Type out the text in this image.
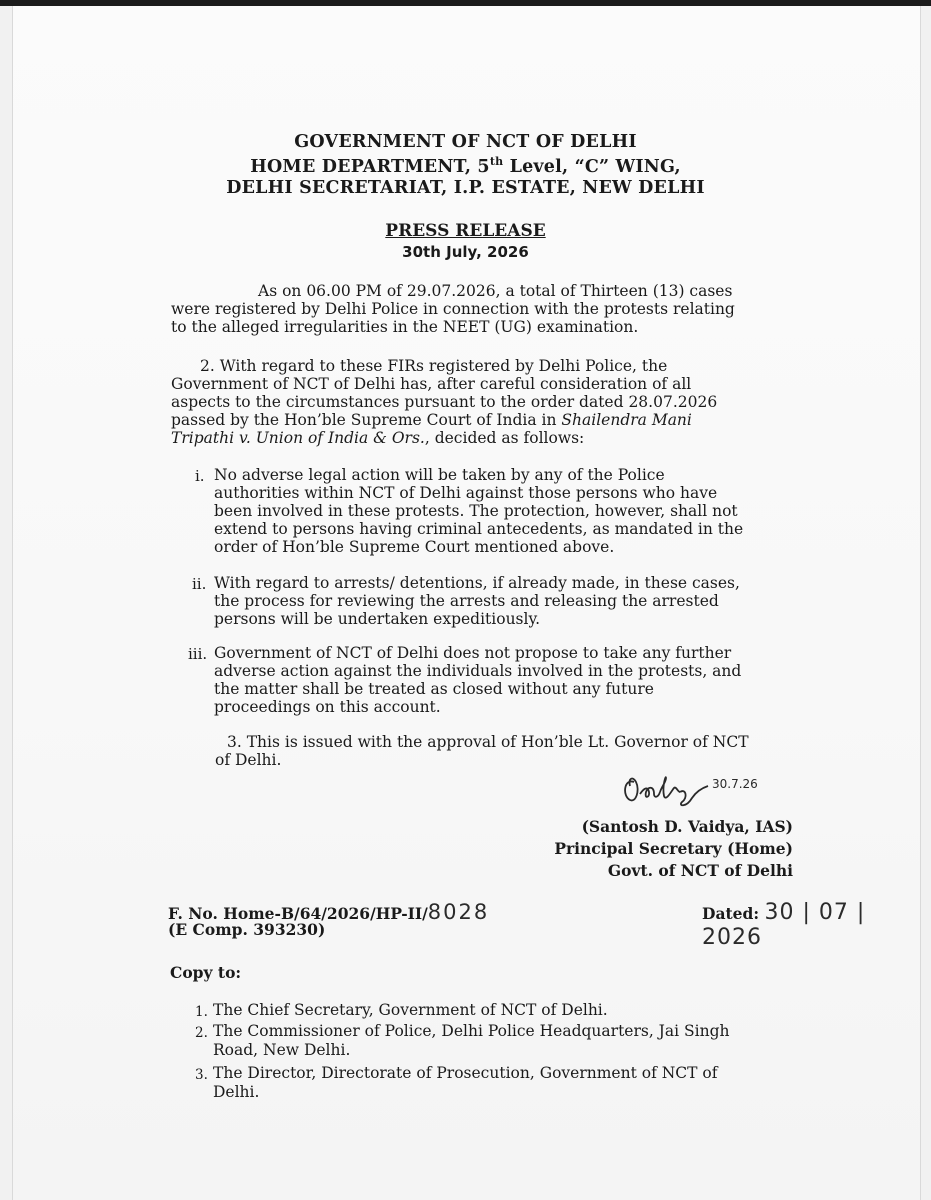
GOVERNMENT OF NCT OF DELHI
HOME DEPARTMENT, 5th Level, “C” WING,
DELHI SECRETARIAT, I.P. ESTATE, NEW DELHI
PRESS RELEASE
30th July, 2026
As on 06.00 PM of 29.07.2026, a total of Thirteen (13) cases
were registered by Delhi Police in connection with the protests relating
to the alleged irregularities in the NEET (UG) examination.
2. With regard to these FIRs registered by Delhi Police, the
Government of NCT of Delhi has, after careful consideration of all
aspects to the circumstances pursuant to the order dated 28.07.2026
passed by the Hon’ble Supreme Court of India in Shailendra Mani
Tripathi v. Union of India & Ors., decided as follows:
i. No adverse legal action will be taken by any of the Police
authorities within NCT of Delhi against those persons who have
been involved in these protests. The protection, however, shall not
extend to persons having criminal antecedents, as mandated in the
order of Hon’ble Supreme Court mentioned above.
ii. With regard to arrests/ detentions, if already made, in these cases,
the process for reviewing the arrests and releasing the arrested
persons will be undertaken expeditiously.
iii. Government of NCT of Delhi does not propose to take any further
adverse action against the individuals involved in the protests, and
the matter shall be treated as closed without any future
proceedings on this account.
3. This is issued with the approval of Hon’ble Lt. Governor of NCT
of Delhi.
30.7.26
(Santosh D. Vaidya, IAS)
Principal Secretary (Home)
Govt. of NCT of Delhi
F. No. Home-B/64/2026/HP-II/8028
(E Comp. 393230)
Dated: 30 | 07 | 2026
Copy to:
1. The Chief Secretary, Government of NCT of Delhi.
2. The Commissioner of Police, Delhi Police Headquarters, Jai Singh
Road, New Delhi.
3. The Director, Directorate of Prosecution, Government of NCT of
Delhi.
